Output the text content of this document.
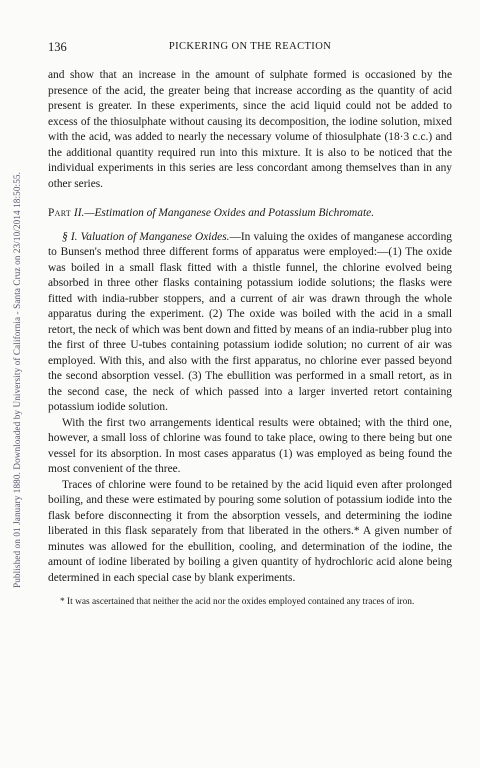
Published on 01 January 1880. Downloaded by University of California - Santa Cruz on 23/10/2014 18:50:55.
136	PICKERING ON THE REACTION

and show that an increase in the amount of sulphate formed is occasioned by the presence of the acid, the greater being that increase according as the quantity of acid present is greater. In these experiments, since the acid liquid could not be added to excess of the thiosulphate without causing its decomposition, the iodine solution, mixed with the acid, was added to nearly the necessary volume of thiosulphate (18·3 c.c.) and the additional quantity required run into this mixture. It is also to be noticed that the individual experiments in this series are less concordant among themselves than in any other series.

Part II.—Estimation of Manganese Oxides and Potassium Bichromate.

§ I. Valuation of Manganese Oxides.—In valuing the oxides of manganese according to Bunsen's method three different forms of apparatus were employed:—(1) The oxide was boiled in a small flask fitted with a thistle funnel, the chlorine evolved being absorbed in three other flasks containing potassium iodide solutions; the flasks were fitted with india-rubber stoppers, and a current of air was drawn through the whole apparatus during the experiment. (2) The oxide was boiled with the acid in a small retort, the neck of which was bent down and fitted by means of an india-rubber plug into the first of three U-tubes containing potassium iodide solution; no current of air was employed. With this, and also with the first apparatus, no chlorine ever passed beyond the second absorption vessel. (3) The ebullition was performed in a small retort, as in the second case, the neck of which passed into a larger inverted retort containing potassium iodide solution.

With the first two arrangements identical results were obtained; with the third one, however, a small loss of chlorine was found to take place, owing to there being but one vessel for its absorption. In most cases apparatus (1) was employed as being found the most convenient of the three.

Traces of chlorine were found to be retained by the acid liquid even after prolonged boiling, and these were estimated by pouring some solution of potassium iodide into the flask before disconnecting it from the absorption vessels, and determining the iodine liberated in this flask separately from that liberated in the others.* A given number of minutes was allowed for the ebullition, cooling, and determination of the iodine, the amount of iodine liberated by boiling a given quantity of hydrochloric acid alone being determined in each special case by blank experiments.

* It was ascertained that neither the acid nor the oxides employed contained any traces of iron.
